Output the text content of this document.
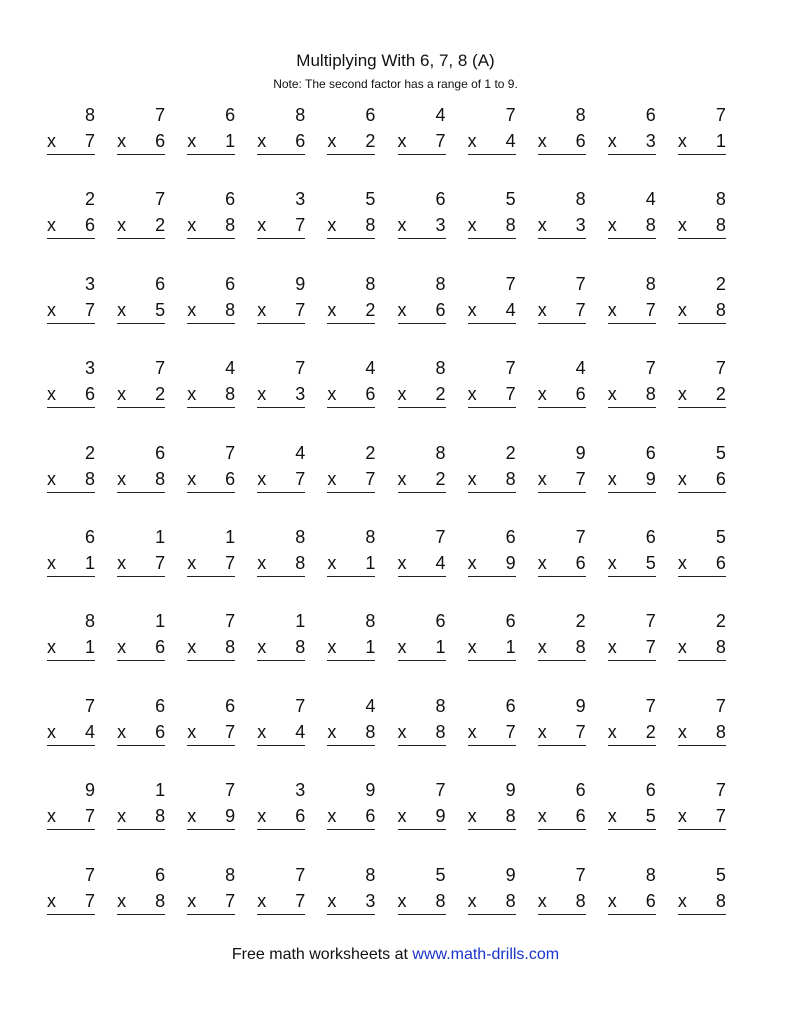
Multiplying With 6, 7, 8 (A)
Note: The second factor has a range of 1 to 9.
8
x 7
7
x 6
6
x 1
8
x 6
6
x 2
4
x 7
7
x 4
8
x 6
6
x 3
7
x 1
2
x 6
7
x 2
6
x 8
3
x 7
5
x 8
6
x 3
5
x 8
8
x 3
4
x 8
8
x 8
3
x 7
6
x 5
6
x 8
9
x 7
8
x 2
8
x 6
7
x 4
7
x 7
8
x 7
2
x 8
3
x 6
7
x 2
4
x 8
7
x 3
4
x 6
8
x 2
7
x 7
4
x 6
7
x 8
7
x 2
2
x 8
6
x 8
7
x 6
4
x 7
2
x 7
8
x 2
2
x 8
9
x 7
6
x 9
5
x 6
6
x 1
1
x 7
1
x 7
8
x 8
8
x 1
7
x 4
6
x 9
7
x 6
6
x 5
5
x 6
8
x 1
1
x 6
7
x 8
1
x 8
8
x 1
6
x 1
6
x 1
2
x 8
7
x 7
2
x 8
7
x 4
6
x 6
6
x 7
7
x 4
4
x 8
8
x 8
6
x 7
9
x 7
7
x 2
7
x 8
9
x 7
1
x 8
7
x 9
3
x 6
9
x 6
7
x 9
9
x 8
6
x 6
6
x 5
7
x 7
7
x 7
6
x 8
8
x 7
7
x 7
8
x 3
5
x 8
9
x 8
7
x 8
8
x 6
5
x 8
Free math worksheets at www.math-drills.com
